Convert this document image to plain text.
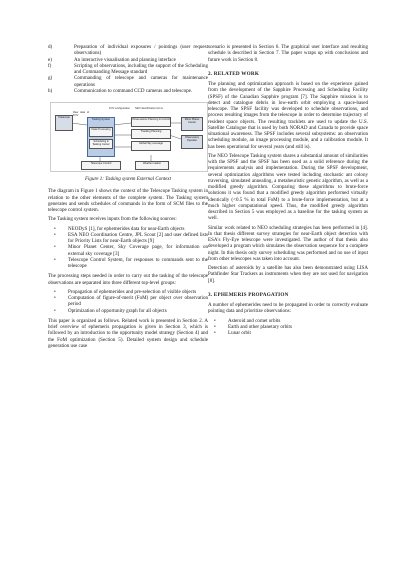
d)	Preparation of individual exposures / pointings (user request observations)
e)	An interactive visualisation and planning interface
f)	Scripting of observations, including the support of the Scheduling and Commanding Message standard
g)	Commanding of telescope and cameras for maintenance operations
h)	Communication to command CCD cameras and telescope.
Telescope
Raw data of FOV
FOV configuration
Tasking System
Data Processing
Scheduling & Tasking Center
NEO identification forms
Observations Planning & Control
Tracking Planning
Global Sky coverage
Minor Planet Center
Observatory Operator
Telescope Control	Weather station
Figure 1: Tasking system External Context

The diagram in Figure 1 shows the context of the Telescope Tasking system in relation to the other elements of the complete system. The Tasking system generates and sends schedules of commands in the form of SCM files to the telescope control system.

The Tasking system receives inputs from the following sources:

•	NEODyS [1], for ephemerides data for near-Earth objects
•	ESA NEO Coordination Centre, JPL Scout [2] and user defined lists for Priority Lists for near-Earth objects [9]
•	Minor Planet Center, Sky Coverage page, for information on external sky coverage [3]
•	Telescope Control System, for responses to commands sent to the telescope

The processing steps needed in order to carry out the tasking of the telescope observations are separated into three different top-level groups:

•	Propagation of ephemerides and pre-selection of visible objects
•	Computation of figure-of-merit (FoM) per object over observation period
•	Optimization of opportunity graph for all objects

This paper is organized as follows. Related work is presented in Section 2. A brief overview of ephemeris propagation is given in Section 3, which is followed by an introduction to the opportunity model strategy (Section 4) and the FoM optimization (Section 5). Detailed system design and schedule generation use case

scenario is presented in Section 6. The graphical user interface and resulting schedule is described in Section 7. The paper wraps up with conclusions and future work in Section 8.

2. RELATED WORK

The planning and optimization approach is based on the experience gained from the development of the Sapphire Processing and Scheduling Facility (SPSF) of the Canadian Sapphire program [7]. The Sapphire mission is to detect and catalogue debris in low-earth orbit employing a space-based telescope. The SPSF facility was developed to schedule observations, and process resulting images from the telescope in order to determine trajectory of resident space objects. The resulting tracklets are used to update the U.S. Satellite Catalogue that is used by both NORAD and Canada to provide space situational awareness. The SPSF includes several subsystems: an observation scheduling module, an image processing module, and a calibration module. It has been operational for several years (and still is).

The NEO Telescope Tasking system shares a substantial amount of similarities with the SPSF and the SPSF has been used as a solid reference during the requirements analysis and implementation. During the SPSF development, several optimization algorithms were tested including stochastic ant colony traversing, simulated annealing, a metaheuristic genetic algorithm, as well as a modified greedy algorithm. Comparing these algorithms to brute-force solutions it was found that a modified greedy algorithm performed virtually identically (<0.5 % in total FoM) to a brute-force implementation, but at a much higher computational speed. Thus, the modified greedy algorithm described in Section 5 was employed as a baseline for the tasking system as well.

Similar work related to NEO scheduling strategies has been performed in [4]. In that thesis different survey strategies for near-Earth object detection with ESA's Fly-Eye telescope were investigated. The author of that thesis also developed a program which simulates the observation sequence for a complete night. In this thesis only survey scheduling was performed and no use of input from other telescopes was taken into account.

Detection of asteroids by a satellite has also been demonstrated using LISA Pathfinder Star Trackers as instruments when they are not used for navigation [8].

3. EPHEMERIS PROPAGATION

A number of ephemerides need to be propagated in order to correctly evaluate pointing data and prioritize observations:

•	Asteroid and comet orbits
•	Earth and other planetary orbits
•	Lunar orbit
